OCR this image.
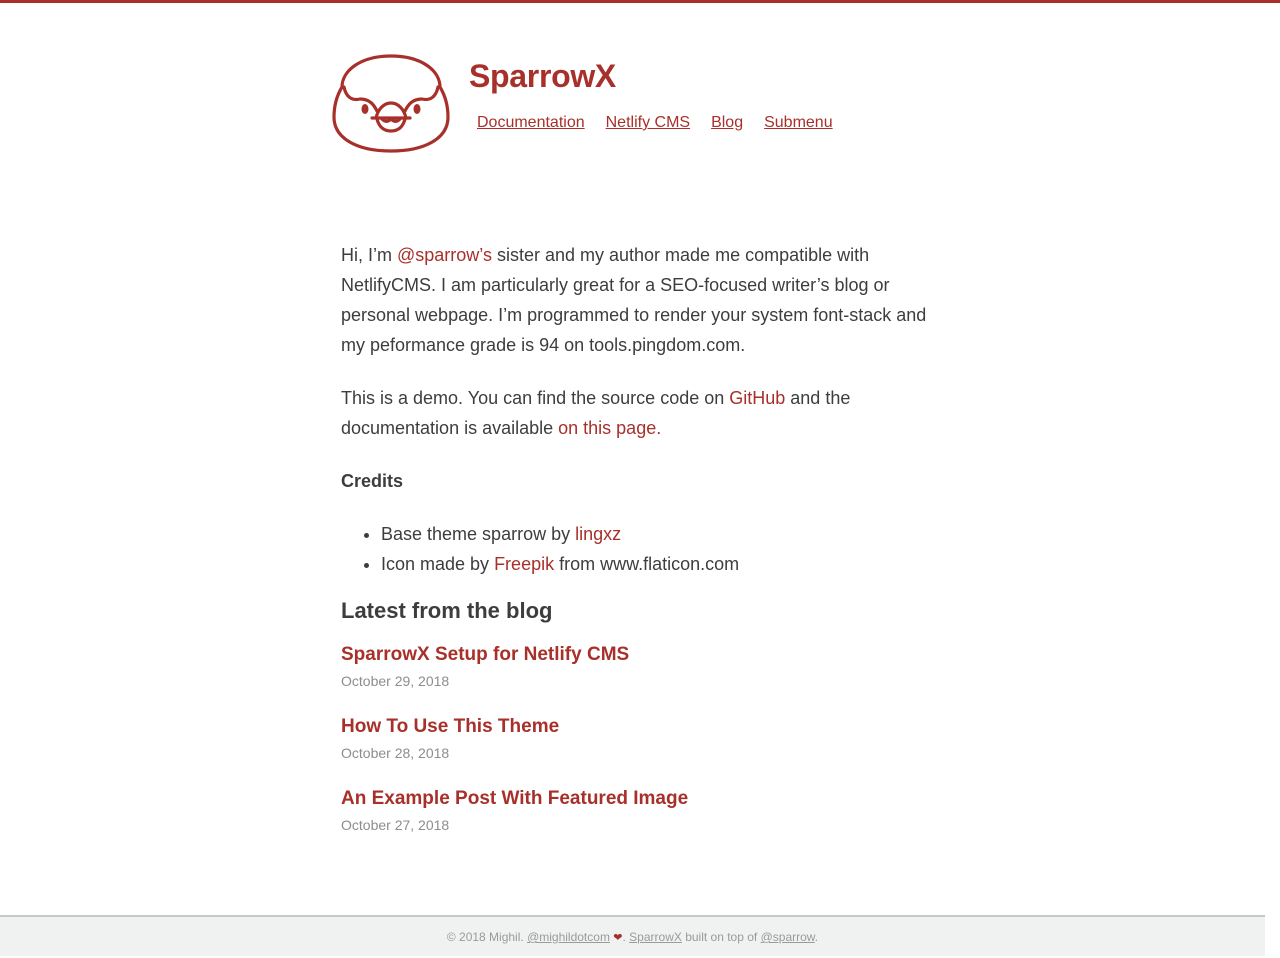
SparrowX
Documentation Netlify CMS Blog Submenu

Hi, I’m @sparrow’s sister and my author made me compatible with NetlifyCMS. I am particularly great for a SEO-focused writer’s blog or personal webpage. I’m programmed to render your system font-stack and my peformance grade is 94 on tools.pingdom.com.

This is a demo. You can find the source code on GitHub and the documentation is available on this page.

Credits

• Base theme sparrow by lingxz
• Icon made by Freepik from www.flaticon.com
Latest from the blog
SparrowX Setup for Netlify CMS
October 29, 2018
How To Use This Theme
October 28, 2018
An Example Post With Featured Image
October 27, 2018
© 2018 Mighil. @mighildotcom ❤. SparrowX built on top of @sparrow.
